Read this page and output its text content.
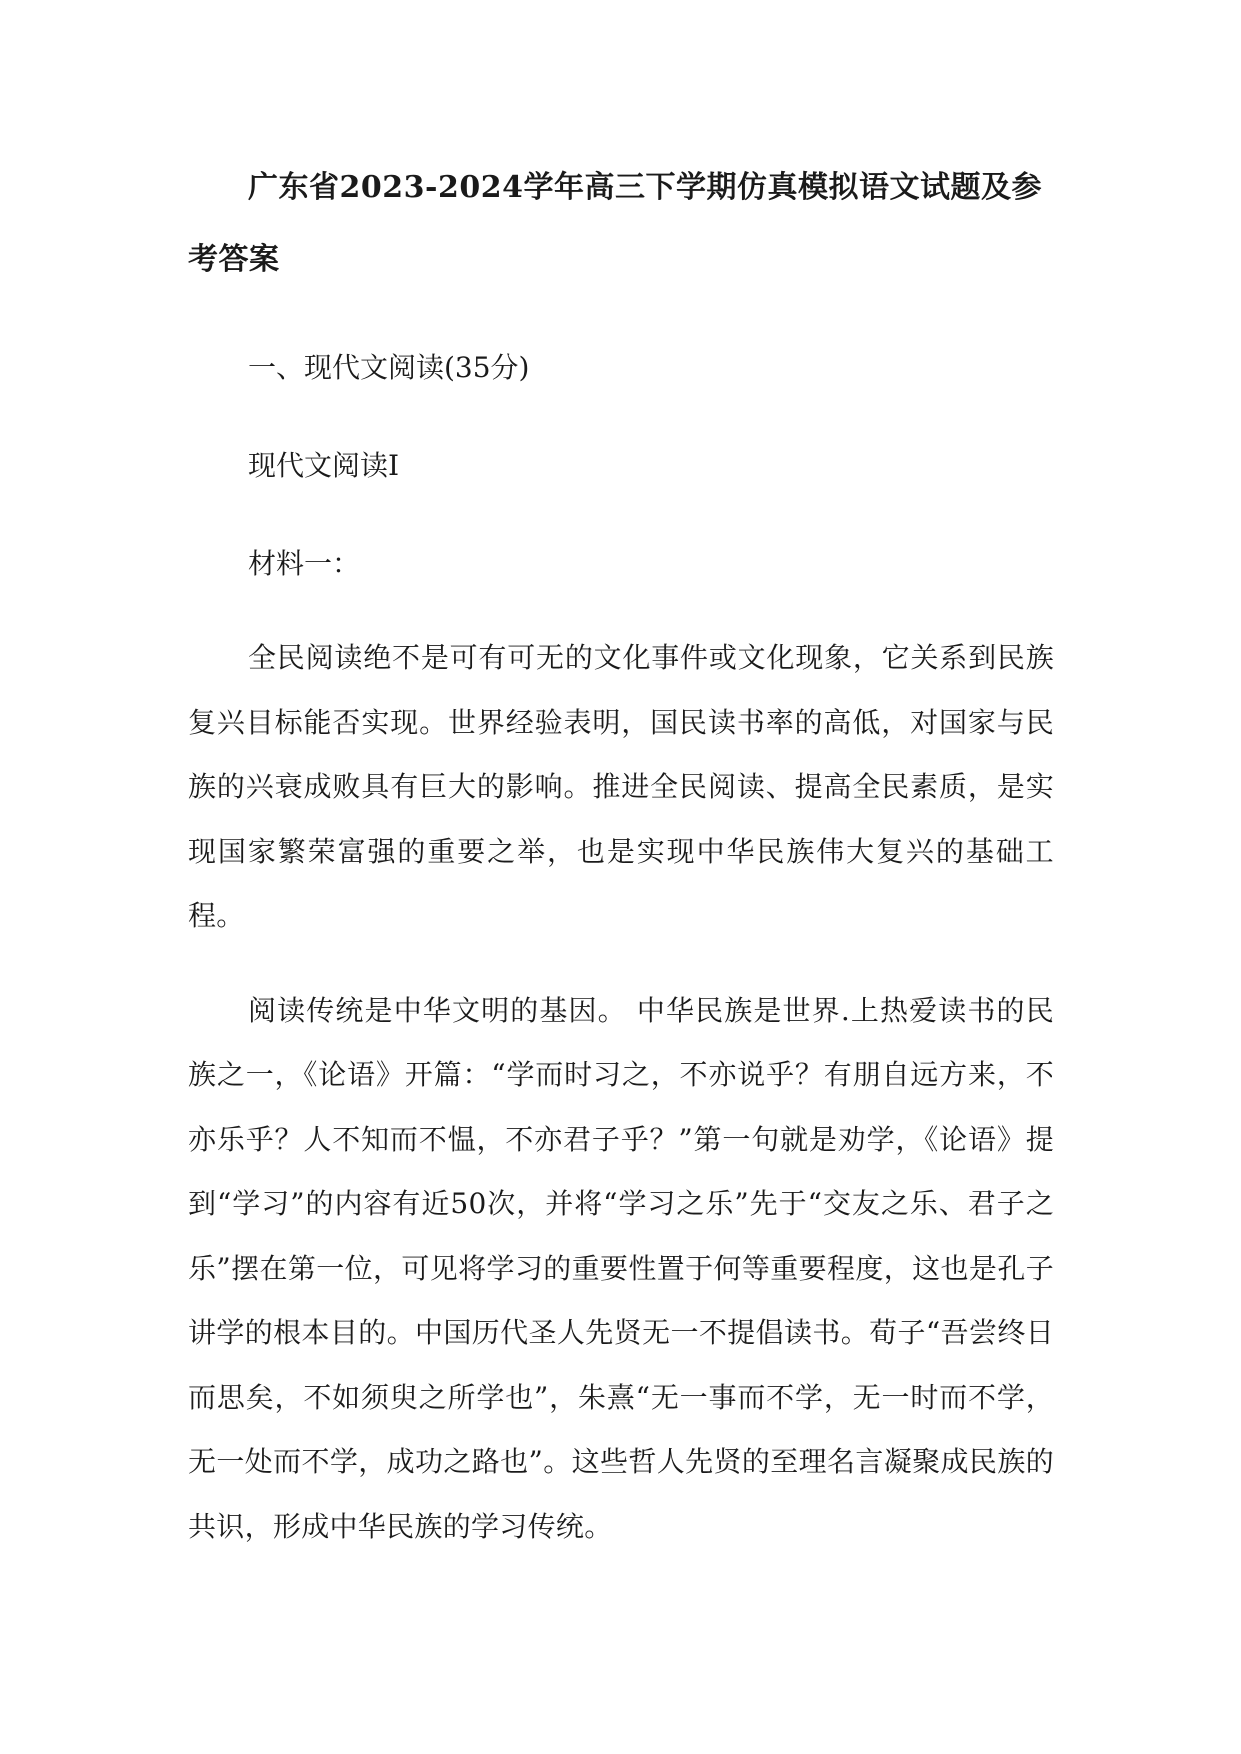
广东省2023-2024学年高三下学期仿真模拟语文试题及参考答案

一、现代文阅读(35分)

现代文阅读Ⅰ

材料一：

全民阅读绝不是可有可无的文化事件或文化现象，它关系到民族复兴目标能否实现。世界经验表明，国民读书率的高低，对国家与民族的兴衰成败具有巨大的影响。推进全民阅读、提高全民素质，是实现国家繁荣富强的重要之举，也是实现中华民族伟大复兴的基础工程。

阅读传统是中华文明的基因。 中华民族是世界.上热爱读书的民族之一，《论语》开篇：“学而时习之，不亦说乎？有朋自远方来，不亦乐乎？人不知而不愠，不亦君子乎？”第一句就是劝学，《论语》提到“学习”的内容有近50次，并将“学习之乐”先于“交友之乐、君子之乐”摆在第一位，可见将学习的重要性置于何等重要程度，这也是孔子讲学的根本目的。中国历代圣人先贤无一不提倡读书。荀子“吾尝终日而思矣，不如须臾之所学也”，朱熹“无一事而不学，无一时而不学，无一处而不学，成功之路也”。这些哲人先贤的至理名言凝聚成民族的共识，形成中华民族的学习传统。
